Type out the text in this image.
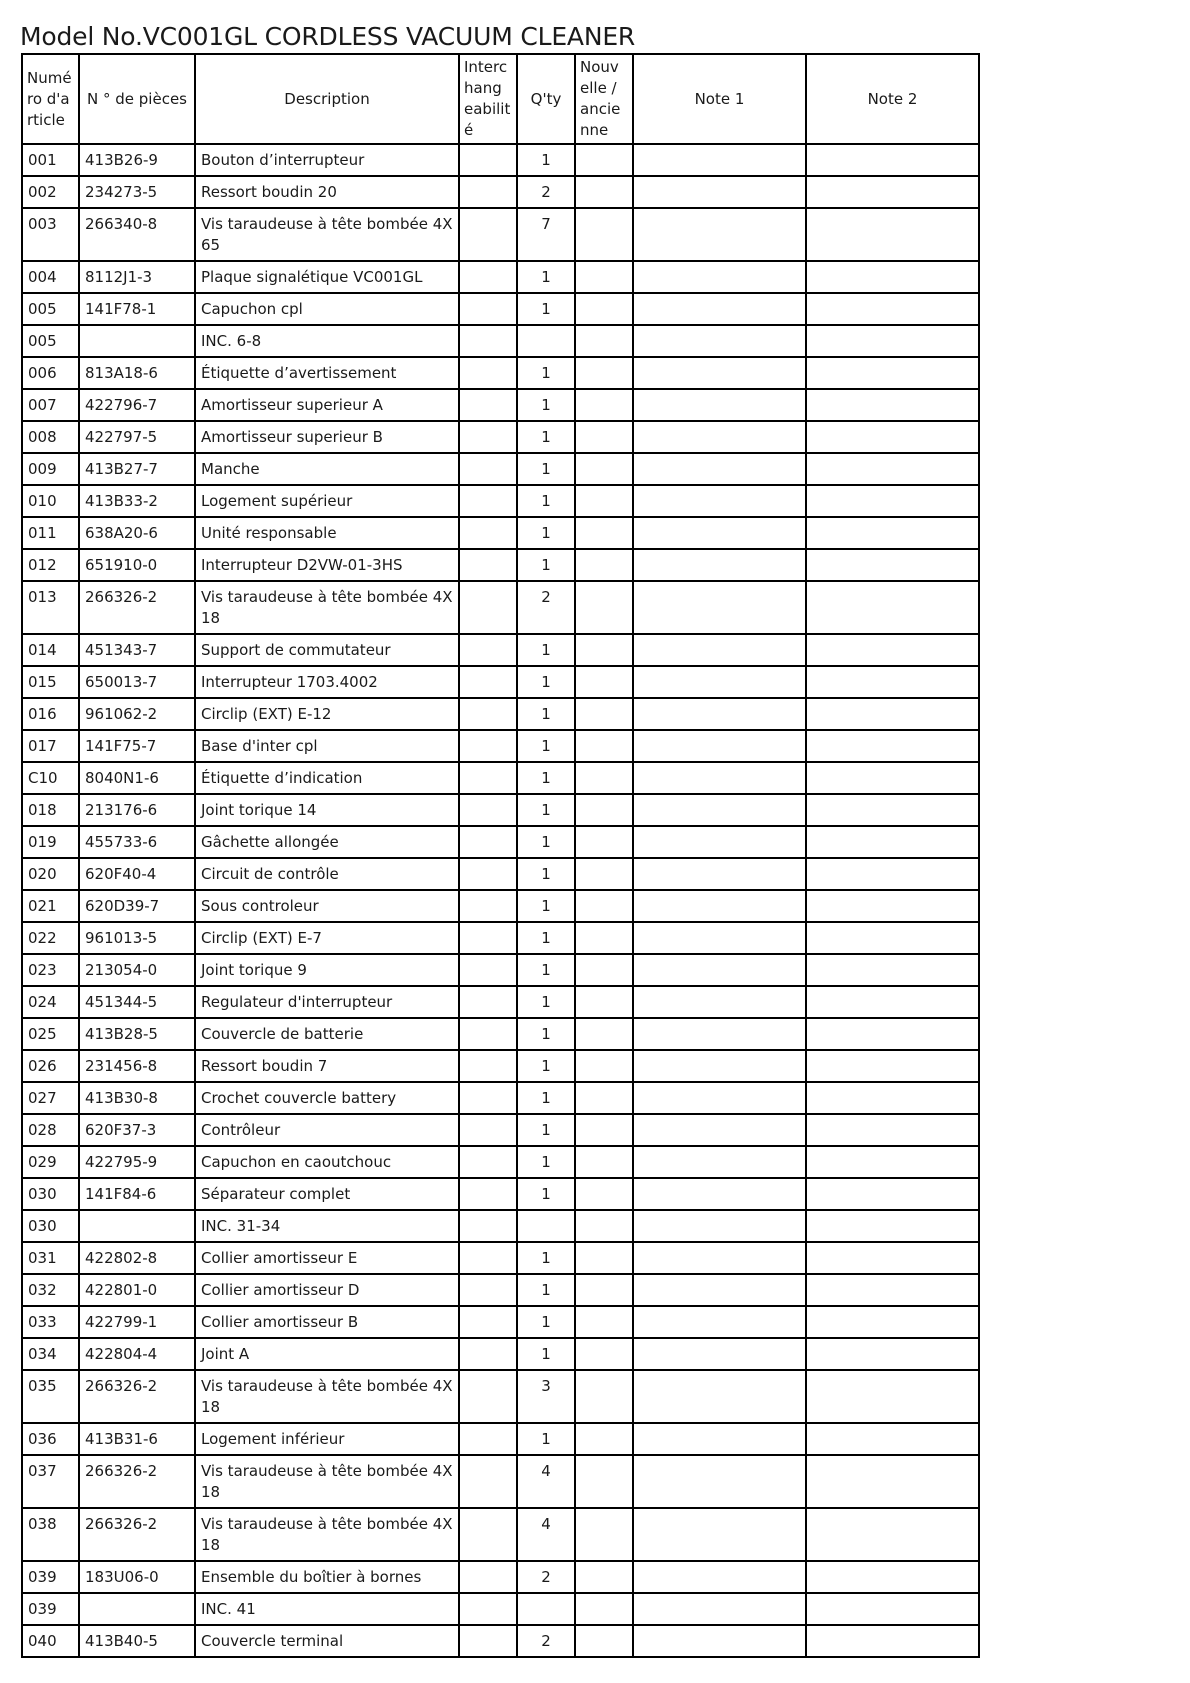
Model No.VC001GL CORDLESS VACUUM CLEANER
Numé ro d'a rticle	N ° de pièces	Description	Interc hang eabilit é	Q'ty	Nouv elle / ancie nne	Note 1	Note 2
001	413B26-9	Bouton d’interrupteur		1			
002	234273-5	Ressort boudin 20		2			
003	266340-8	Vis taraudeuse à tête bombée 4X 65		7			
004	8112J1-3	Plaque signalétique VC001GL		1			
005	141F78-1	Capuchon cpl		1			
005		INC. 6-8					
006	813A18-6	Étiquette d’avertissement		1			
007	422796-7	Amortisseur superieur A		1			
008	422797-5	Amortisseur superieur B		1			
009	413B27-7	Manche		1			
010	413B33-2	Logement supérieur		1			
011	638A20-6	Unité responsable		1			
012	651910-0	Interrupteur D2VW-01-3HS		1			
013	266326-2	Vis taraudeuse à tête bombée 4X 18		2			
014	451343-7	Support de commutateur		1			
015	650013-7	Interrupteur 1703.4002		1			
016	961062-2	Circlip (EXT) E-12		1			
017	141F75-7	Base d'inter cpl		1			
C10	8040N1-6	Étiquette d’indication		1			
018	213176-6	Joint torique 14		1			
019	455733-6	Gâchette allongée		1			
020	620F40-4	Circuit de contrôle		1			
021	620D39-7	Sous controleur		1			
022	961013-5	Circlip (EXT) E-7		1			
023	213054-0	Joint torique 9		1			
024	451344-5	Regulateur d'interrupteur		1			
025	413B28-5	Couvercle de batterie		1			
026	231456-8	Ressort boudin 7		1			
027	413B30-8	Crochet couvercle battery		1			
028	620F37-3	Contrôleur		1			
029	422795-9	Capuchon en caoutchouc		1			
030	141F84-6	Séparateur complet		1			
030		INC. 31-34					
031	422802-8	Collier amortisseur E		1			
032	422801-0	Collier amortisseur D		1			
033	422799-1	Collier amortisseur B		1			
034	422804-4	Joint A		1			
035	266326-2	Vis taraudeuse à tête bombée 4X 18		3			
036	413B31-6	Logement inférieur		1			
037	266326-2	Vis taraudeuse à tête bombée 4X 18		4			
038	266326-2	Vis taraudeuse à tête bombée 4X 18		4			
039	183U06-0	Ensemble du boîtier à bornes		2			
039		INC. 41					
040	413B40-5	Couvercle terminal		2			
